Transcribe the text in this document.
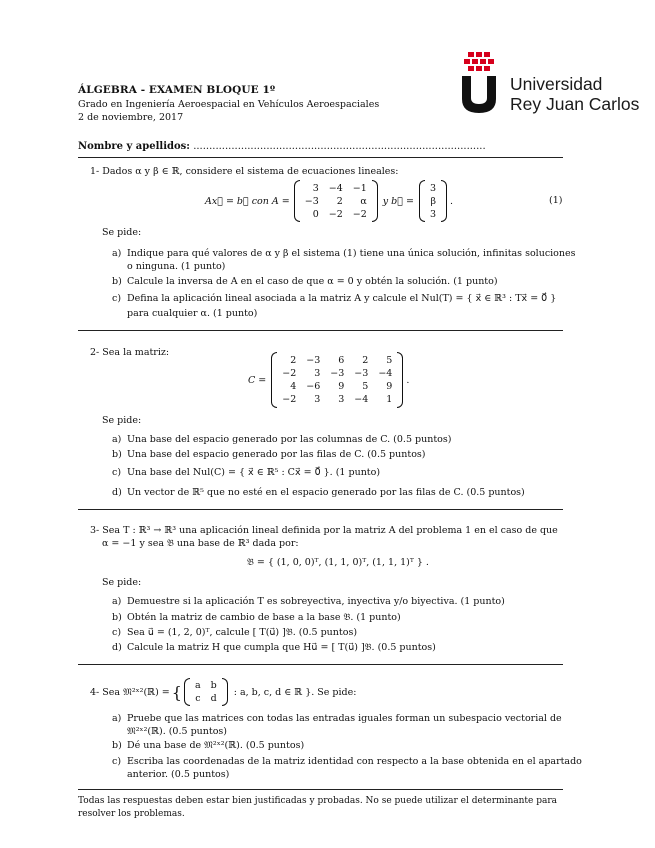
ÁLGEBRA - EXAMEN BLOQUE 1º
Grado en Ingeniería Aeroespacial en Vehículos Aeroespaciales
2 de noviembre, 2017
Universidad
Rey Juan Carlos
Nombre y apellidos: ............................................................................................
1- Dados α y β ∈ ℝ, considere el sistema de ecuaciones lineales:
Ax⃗ = b⃗ con A =
3	−4	−1
−3	2	α
0	−2	−2
y b⃗ =
3
β
3
.	(1)
Se pide:
a) Indique para qué valores de α y β el sistema (1) tiene una única solución, infinitas soluciones
o ninguna. (1 punto)
b) Calcule la inversa de A en el caso de que α = 0 y obtén la solución. (1 punto)
c) Defina la aplicación lineal asociada a la matriz A y calcule el Nul(T) = { x⃗ ∈ ℝ³ : Tx⃗ = 0⃗ }
para cualquier α. (1 punto)
2- Sea la matriz:
C =
2	−3	6	2	5
−2	3	−3	−3	−4
4	−6	9	5	9
−2	3	3	−4	1
.
Se pide:
a) Una base del espacio generado por las columnas de C. (0.5 puntos)
b) Una base del espacio generado por las filas de C. (0.5 puntos)
c) Una base del Nul(C) = { x⃗ ∈ ℝ⁵ : Cx⃗ = 0⃗ }. (1 punto)
d) Un vector de ℝ⁵ que no esté en el espacio generado por las filas de C. (0.5 puntos)
3- Sea T : ℝ³ → ℝ³ una aplicación lineal definida por la matriz A del problema 1 en el caso de que
α = −1 y sea 𝔅 una base de ℝ³ dada por:
𝔅 = { (1, 0, 0)ᵀ, (1, 1, 0)ᵀ, (1, 1, 1)ᵀ } .
Se pide:
a) Demuestre si la aplicación T es sobreyectiva, inyectiva y/o biyectiva. (1 punto)
b) Obtén la matriz de cambio de base a la base 𝔅. (1 punto)
c) Sea u⃗ = (1, 2, 0)ᵀ, calcule [ T(u⃗) ]𝔅. (0.5 puntos)
d) Calcule la matriz H que cumpla que Hu⃗ = [ T(u⃗) ]𝔅. (0.5 puntos)
4- Sea 𝔐²ˣ²(ℝ) = { a	b
c	d
: a, b, c, d ∈ ℝ }. Se pide:
a) Pruebe que las matrices con todas las entradas iguales forman un subespacio vectorial de
𝔐²ˣ²(ℝ). (0.5 puntos)
b) Dé una base de 𝔐²ˣ²(ℝ). (0.5 puntos)
c) Escriba las coordenadas de la matriz identidad con respecto a la base obtenida en el apartado
anterior. (0.5 puntos)
Todas las respuestas deben estar bien justificadas y probadas. No se puede utilizar el determinante para resolver los problemas.
